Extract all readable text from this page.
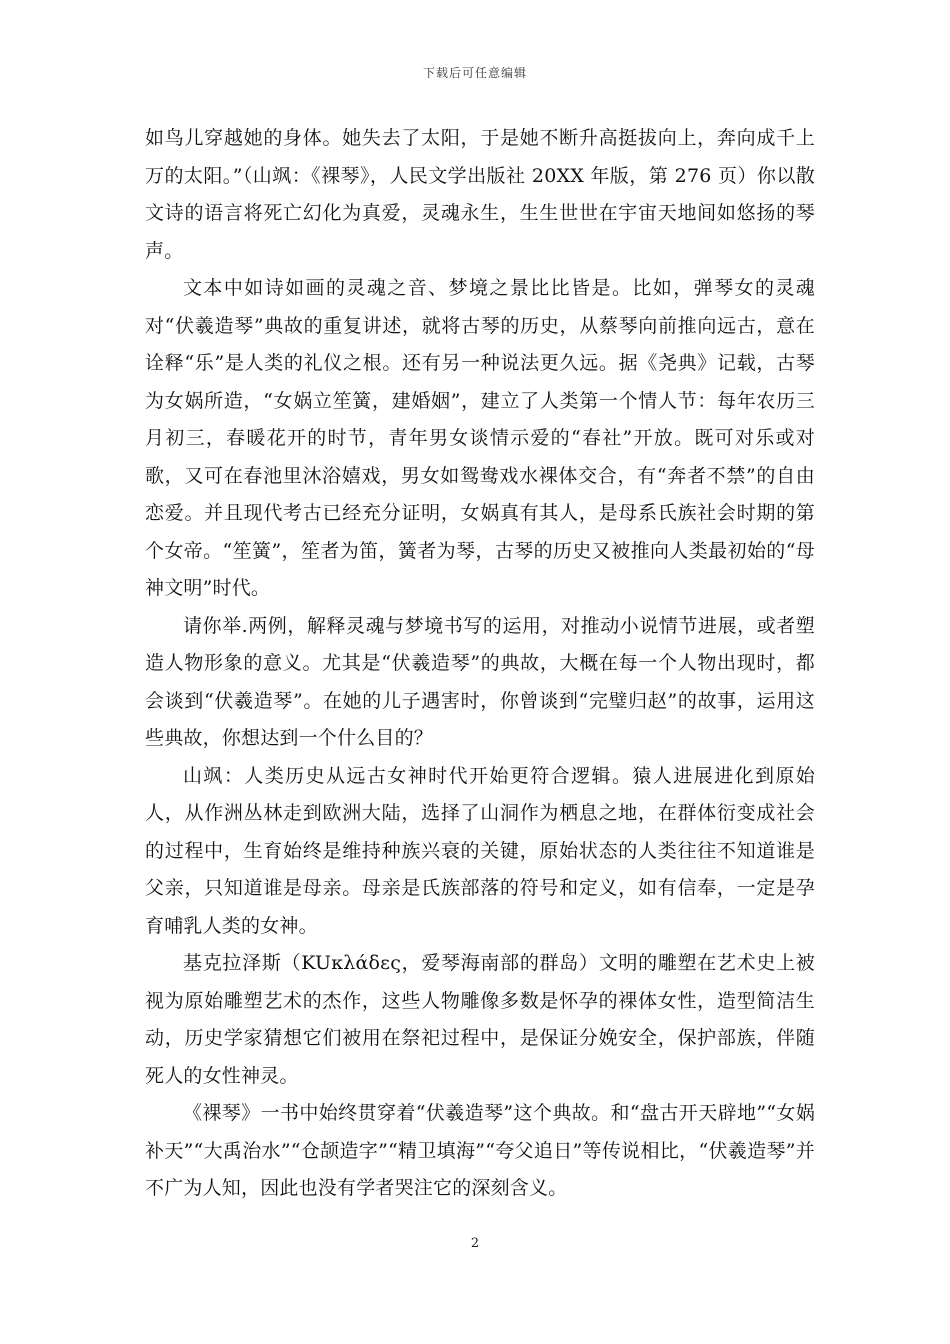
下载后可任意编辑

如鸟儿穿越她的身体。她失去了太阳，于是她不断升高挺拔向上，奔向成千上万的太阳。”（山飒：《裸琴》，人民文学出版社 20XX 年版，第 276 页）你以散文诗的语言将死亡幻化为真爱，灵魂永生，生生世世在宇宙天地间如悠扬的琴声。

文本中如诗如画的灵魂之音、梦境之景比比皆是。比如，弹琴女的灵魂对“伏羲造琴”典故的重复讲述，就将古琴的历史，从蔡琴向前推向远古，意在诠释“乐”是人类的礼仪之根。还有另一种说法更久远。据《尧典》记载，古琴为女娲所造，“女娲立笙簧，建婚姻”，建立了人类第一个情人节：每年农历三月初三，春暖花开的时节，青年男女谈情示爱的“春社”开放。既可对乐或对歌，又可在春池里沐浴嬉戏，男女如鸳鸯戏水裸体交合，有“奔者不禁”的自由恋爱。并且现代考古已经充分证明，女娲真有其人，是母系氏族社会时期的第个女帝。“笙簧”，笙者为笛，簧者为琴，古琴的历史又被推向人类最初始的“母神文明”时代。

请你举.两例，解释灵魂与梦境书写的运用，对推动小说情节进展，或者塑造人物形象的意义。尤其是“伏羲造琴”的典故，大概在每一个人物出现时，都会谈到“伏羲造琴”。在她的儿子遇害时，你曾谈到“完璧归赵”的故事，运用这些典故，你想达到一个什么目的？

山飒：人类历史从远古女神时代开始更符合逻辑。猿人进展进化到原始人，从作洲丛林走到欧洲大陆，选择了山洞作为栖息之地，在群体衍变成社会的过程中，生育始终是维持种族兴衰的关键，原始状态的人类往往不知道谁是父亲，只知道谁是母亲。母亲是氏族部落的符号和定义，如有信奉，一定是孕育哺乳人类的女神。

基克拉泽斯（KUκλάδες，爱琴海南部的群岛）文明的雕塑在艺术史上被视为原始雕塑艺术的杰作，这些人物雕像多数是怀孕的裸体女性，造型简洁生动，历史学家猜想它们被用在祭祀过程中，是保证分娩安全，保护部族，伴随死人的女性神灵。

《裸琴》一书中始终贯穿着“伏羲造琴”这个典故。和“盘古开天辟地”“女娲补天”“大禹治水”“仓颉造字”“精卫填海”“夸父追日”等传说相比，“伏羲造琴”并不广为人知，因此也没有学者哭注它的深刻含义。

2
